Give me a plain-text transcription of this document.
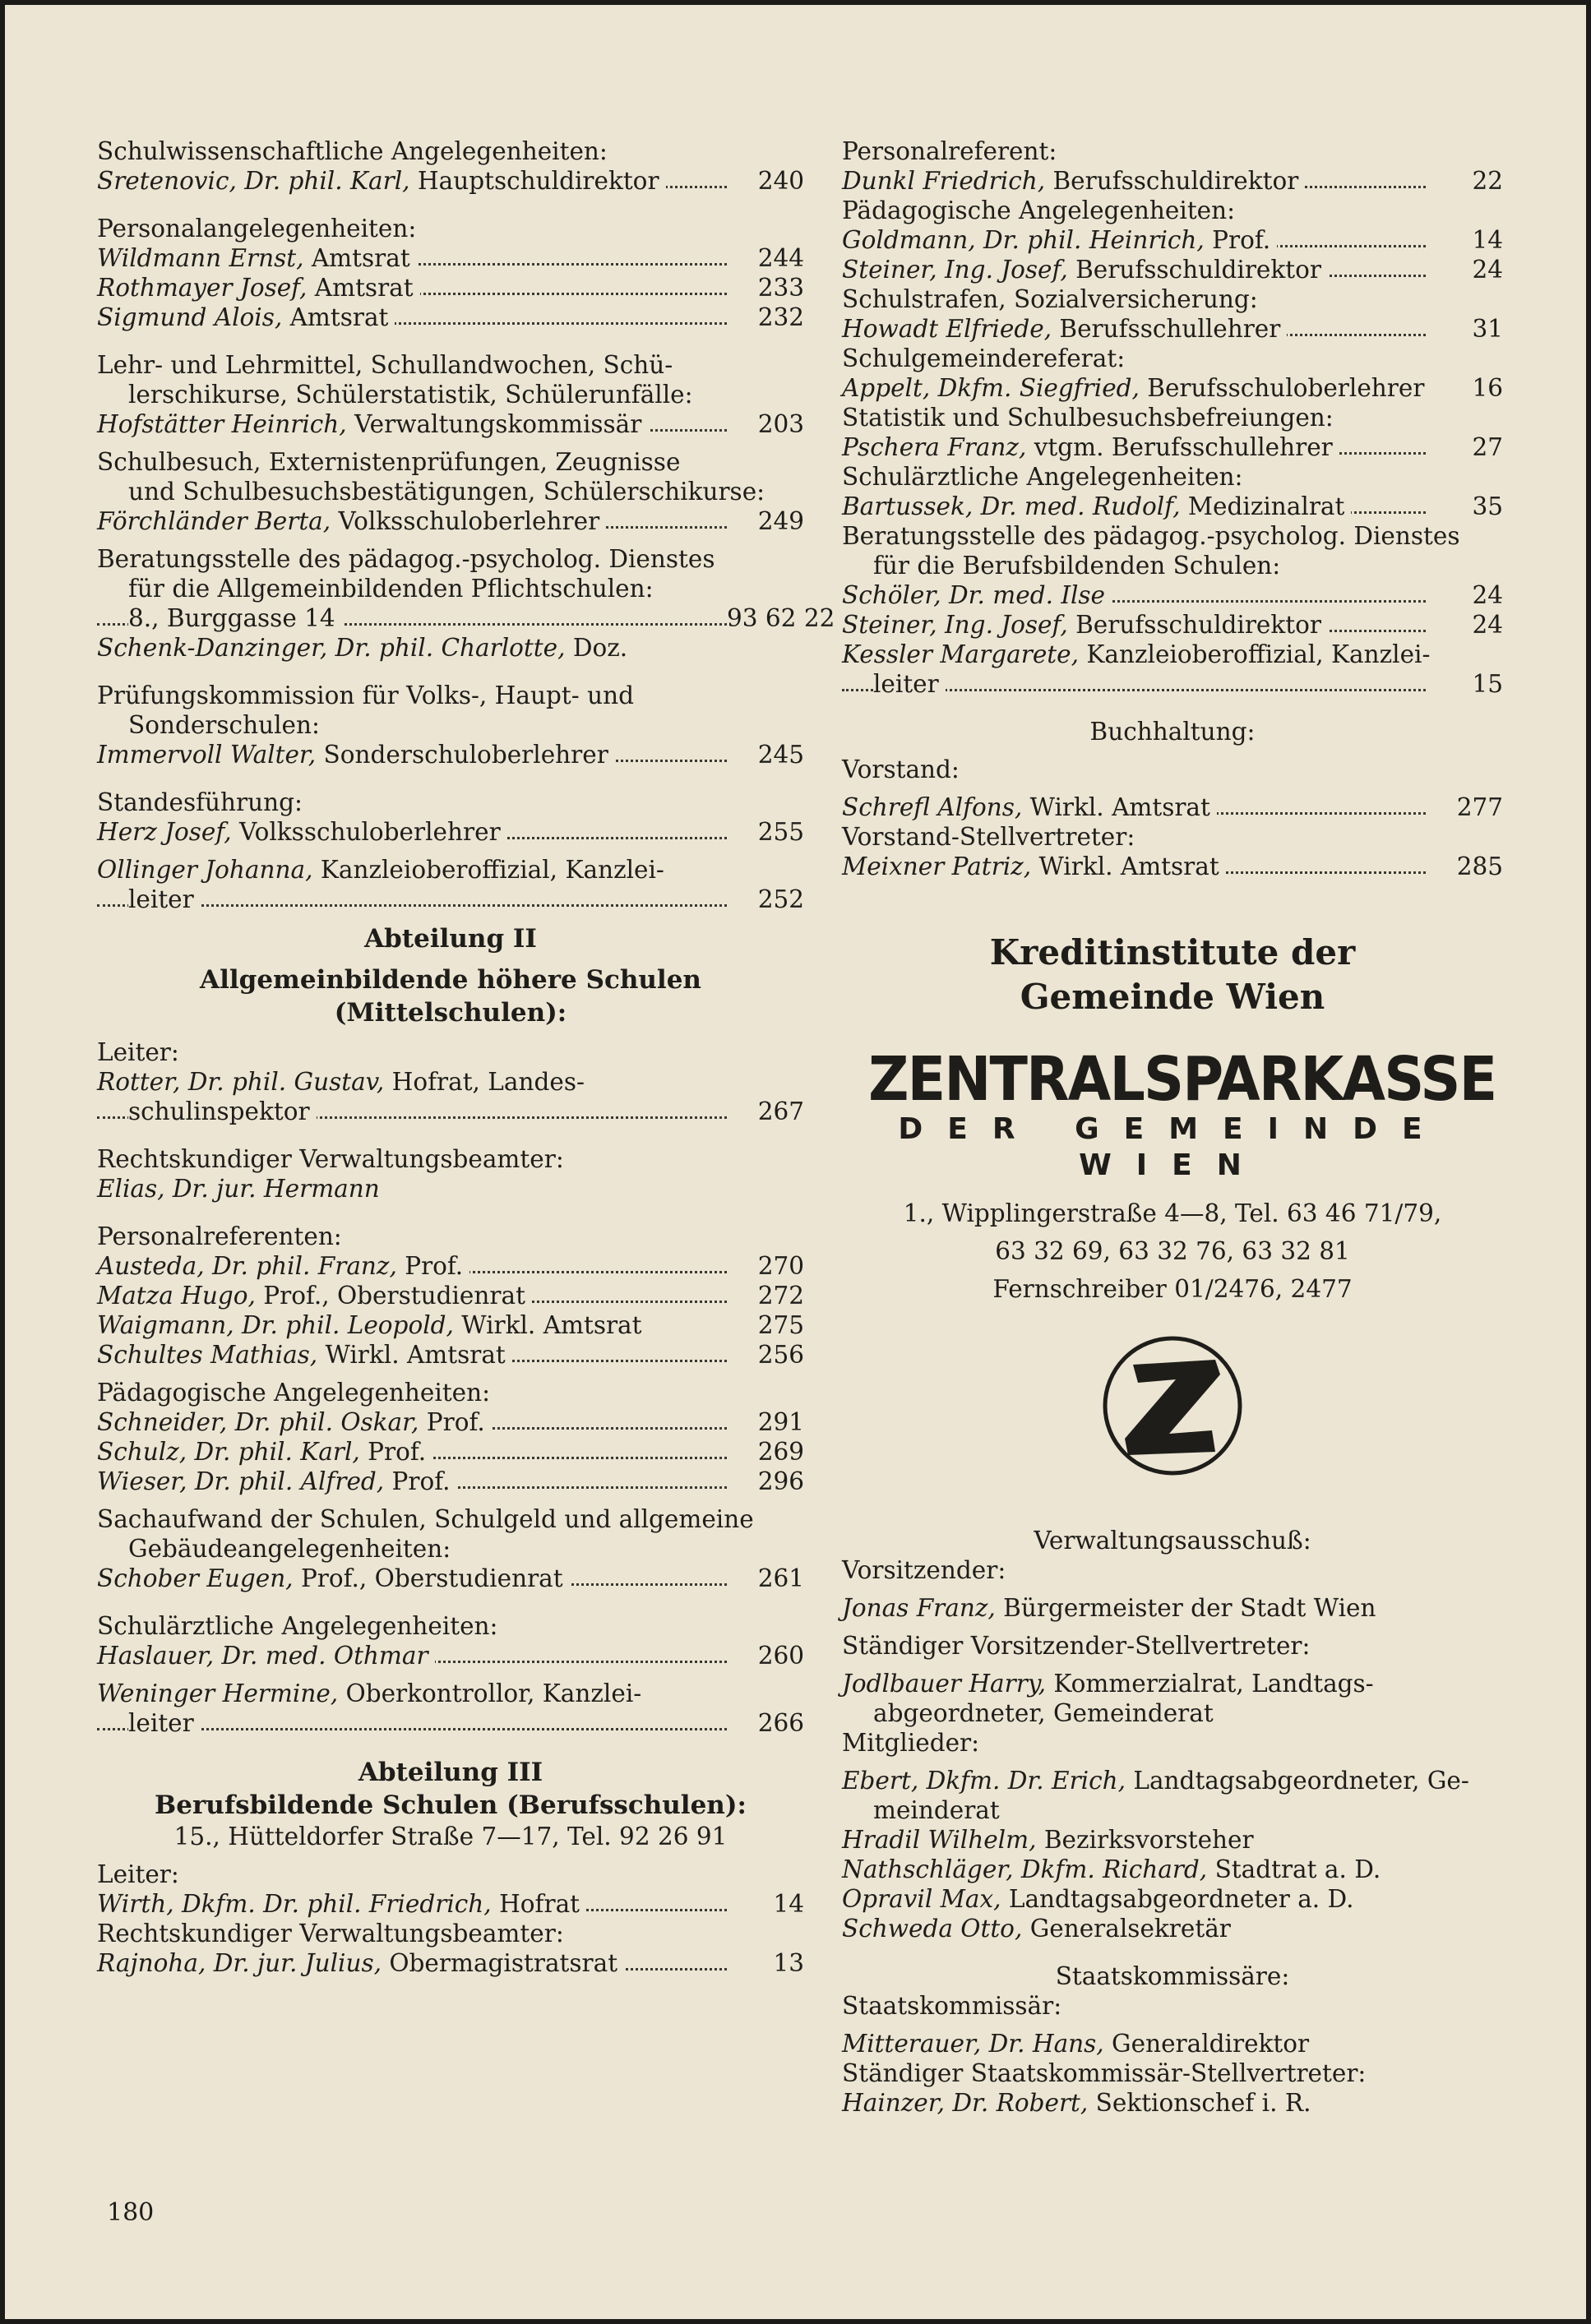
Schulwissenschaftliche Angelegenheiten:
Sretenovic, Dr. phil. Karl, Hauptschuldirektor	240
Personalangelegenheiten:
Wildmann Ernst, Amtsrat	244
Rothmayer Josef, Amtsrat	233
Sigmund Alois, Amtsrat	232
Lehr- und Lehrmittel, Schullandwochen, Schü-
lerschikurse, Schülerstatistik, Schülerunfälle:
Hofstätter Heinrich, Verwaltungskommissär	203
Schulbesuch, Externistenprüfungen, Zeugnisse
und Schulbesuchsbestätigungen, Schülerschikurse:
Förchländer Berta, Volksschuloberlehrer	249
Beratungsstelle des pädagog.-psycholog. Dienstes
für die Allgemeinbildenden Pflichtschulen:
8., Burggasse 14	93 62 22
Schenk-Danzinger, Dr. phil. Charlotte, Doz.
Prüfungskommission für Volks-, Haupt- und
Sonderschulen:
Immervoll Walter, Sonderschuloberlehrer	245
Standesführung:
Herz Josef, Volksschuloberlehrer	255
Ollinger Johanna, Kanzleioberoffizial, Kanzlei-
leiter	252
Abteilung II
Allgemeinbildende höhere Schulen (Mittelschulen):
Leiter:
Rotter, Dr. phil. Gustav, Hofrat, Landes-
schulinspektor	267
Rechtskundiger Verwaltungsbeamter:
Elias, Dr. jur. Hermann
Personalreferenten:
Austeda, Dr. phil. Franz, Prof.	270
Matza Hugo, Prof., Oberstudienrat	272
Waigmann, Dr. phil. Leopold, Wirkl. Amtsrat	275
Schultes Mathias, Wirkl. Amtsrat	256
Pädagogische Angelegenheiten:
Schneider, Dr. phil. Oskar, Prof.	291
Schulz, Dr. phil. Karl, Prof.	269
Wieser, Dr. phil. Alfred, Prof.	296
Sachaufwand der Schulen, Schulgeld und allgemeine
Gebäudeangelegenheiten:
Schober Eugen, Prof., Oberstudienrat	261
Schulärztliche Angelegenheiten:
Haslauer, Dr. med. Othmar	260
Weninger Hermine, Oberkontrollor, Kanzlei-
leiter	266
Abteilung III
Berufsbildende Schulen (Berufsschulen):
15., Hütteldorfer Straße 7—17, Tel. 92 26 91
Leiter:
Wirth, Dkfm. Dr. phil. Friedrich, Hofrat	14
Rechtskundiger Verwaltungsbeamter:
Rajnoha, Dr. jur. Julius, Obermagistratsrat	13
Personalreferent:
Dunkl Friedrich, Berufsschuldirektor	22
Pädagogische Angelegenheiten:
Goldmann, Dr. phil. Heinrich, Prof.	14
Steiner, Ing. Josef, Berufsschuldirektor	24
Schulstrafen, Sozialversicherung:
Howadt Elfriede, Berufsschullehrer	31
Schulgemeindereferat:
Appelt, Dkfm. Siegfried, Berufsschuloberlehrer	16
Statistik und Schulbesuchsbefreiungen:
Pschera Franz, vtgm. Berufsschullehrer	27
Schulärztliche Angelegenheiten:
Bartussek, Dr. med. Rudolf, Medizinalrat	35
Beratungsstelle des pädagog.-psycholog. Dienstes
für die Berufsbildenden Schulen:
Schöler, Dr. med. Ilse	24
Steiner, Ing. Josef, Berufsschuldirektor	24
Kessler Margarete, Kanzleioberoffizial, Kanzlei-
leiter	15
Buchhaltung:
Vorstand:
Schrefl Alfons, Wirkl. Amtsrat	277
Vorstand-Stellvertreter:
Meixner Patriz, Wirkl. Amtsrat	285
Kreditinstitute der
Gemeinde Wien
ZENTRALSPARKASSE
DER GEMEINDE WIEN
1., Wipplingerstraße 4—8, Tel. 63 46 71/79,
63 32 69, 63 32 76, 63 32 81
Fernschreiber 01/2476, 2477
Verwaltungsausschuß:
Vorsitzender:
Jonas Franz, Bürgermeister der Stadt Wien
Ständiger Vorsitzender-Stellvertreter:
Jodlbauer Harry, Kommerzialrat, Landtags-
abgeordneter, Gemeinderat
Mitglieder:
Ebert, Dkfm. Dr. Erich, Landtagsabgeordneter, Ge-
meinderat
Hradil Wilhelm, Bezirksvorsteher
Nathschläger, Dkfm. Richard, Stadtrat a. D.
Opravil Max, Landtagsabgeordneter a. D.
Schweda Otto, Generalsekretär
Staatskommissäre:
Staatskommissär:
Mitterauer, Dr. Hans, Generaldirektor
Ständiger Staatskommissär-Stellvertreter:
Hainzer, Dr. Robert, Sektionschef i. R.
180
